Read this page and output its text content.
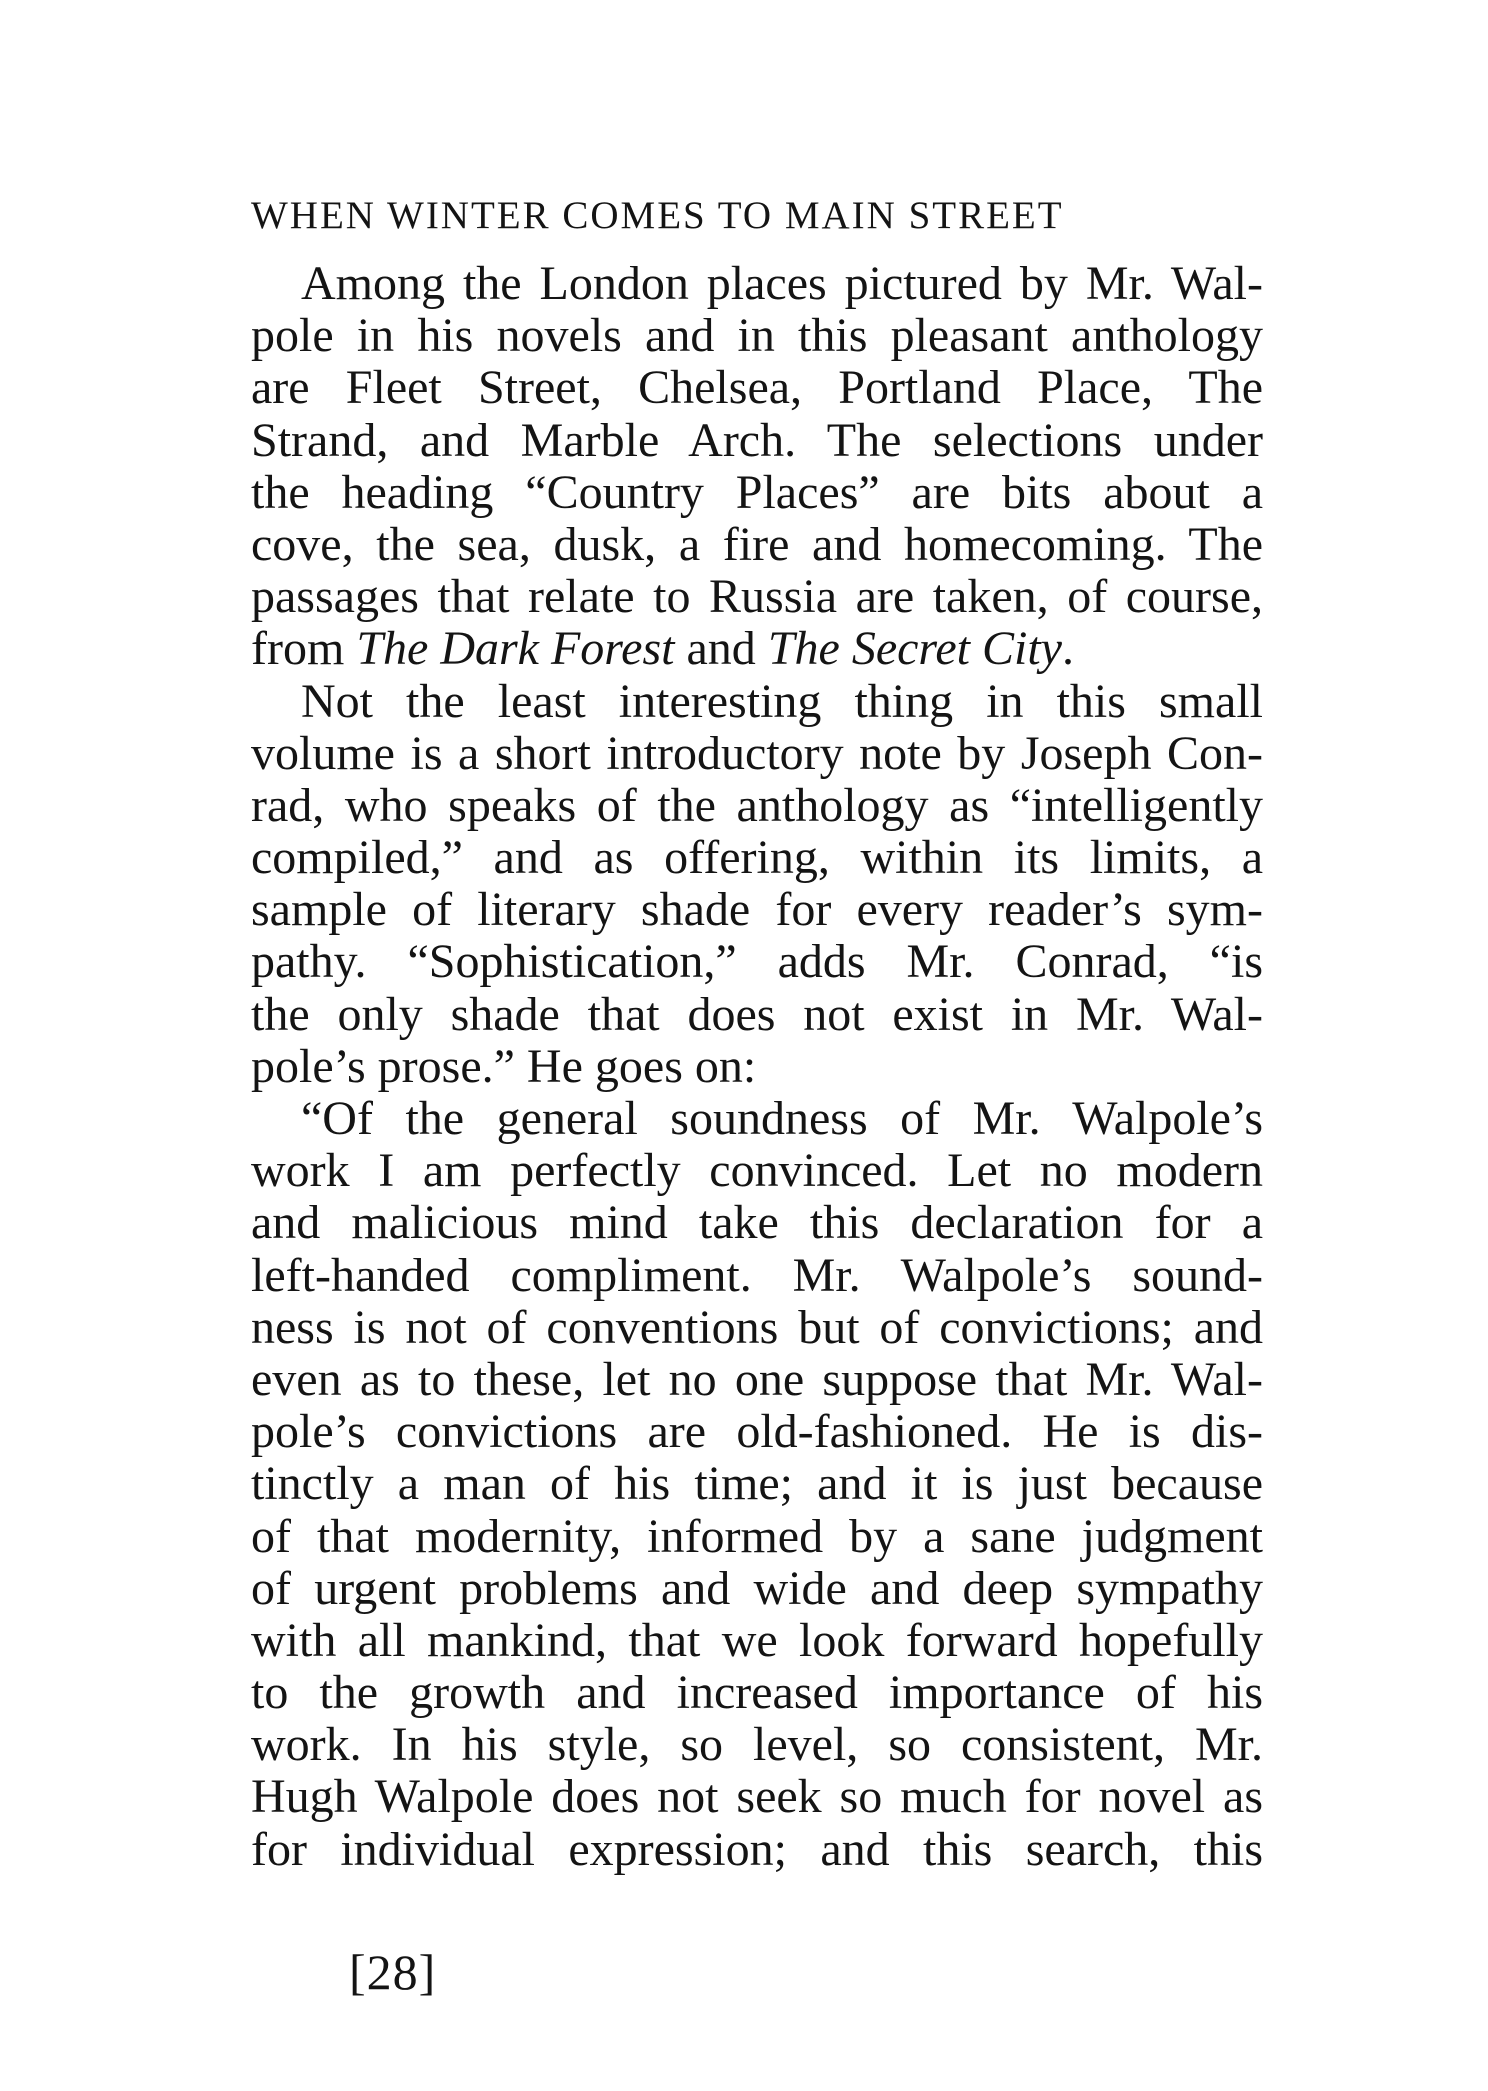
WHEN WINTER COMES TO MAIN STREET
Among the London places pictured by Mr. Wal-
pole in his novels and in this pleasant anthology
are Fleet Street, Chelsea, Portland Place, The
Strand, and Marble Arch. The selections under
the heading “Country Places” are bits about a
cove, the sea, dusk, a fire and homecoming. The
passages that relate to Russia are taken, of course,
from The Dark Forest and The Secret City.
Not the least interesting thing in this small
volume is a short introductory note by Joseph Con-
rad, who speaks of the anthology as “intelligently
compiled,” and as offering, within its limits, a
sample of literary shade for every reader’s sym-
pathy. “Sophistication,” adds Mr. Conrad, “is
the only shade that does not exist in Mr. Wal-
pole’s prose.” He goes on:
“Of the general soundness of Mr. Walpole’s
work I am perfectly convinced. Let no modern
and malicious mind take this declaration for a
left-handed compliment. Mr. Walpole’s sound-
ness is not of conventions but of convictions; and
even as to these, let no one suppose that Mr. Wal-
pole’s convictions are old-fashioned. He is dis-
tinctly a man of his time; and it is just because
of that modernity, informed by a sane judgment
of urgent problems and wide and deep sympathy
with all mankind, that we look forward hopefully
to the growth and increased importance of his
work. In his style, so level, so consistent, Mr.
Hugh Walpole does not seek so much for novel as
for individual expression; and this search, this
[28]
